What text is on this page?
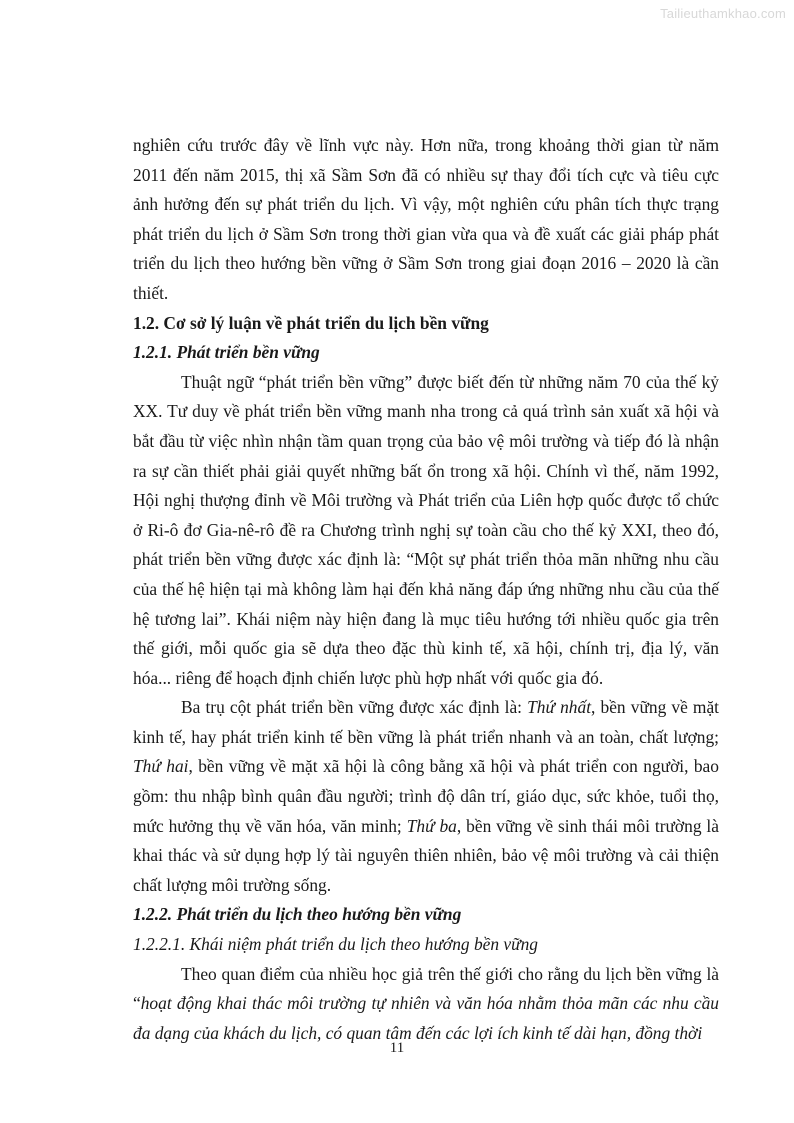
Tailieuthamkhao.com

nghiên cứu trước đây về lĩnh vực này. Hơn nữa, trong khoảng thời gian từ năm 2011 đến năm 2015, thị xã Sầm Sơn đã có nhiều sự thay đổi tích cực và tiêu cực ảnh hưởng đến sự phát triển du lịch. Vì vậy, một nghiên cứu phân tích thực trạng phát triển du lịch ở Sầm Sơn trong thời gian vừa qua và đề xuất các giải pháp phát triển du lịch theo hướng bền vững ở Sầm Sơn trong giai đoạn 2016 – 2020 là cần thiết.

1.2. Cơ sở lý luận về phát triển du lịch bền vững

1.2.1. Phát triển bền vững

Thuật ngữ “phát triển bền vững” được biết đến từ những năm 70 của thế kỷ XX. Tư duy về phát triển bền vững manh nha trong cả quá trình sản xuất xã hội và bắt đầu từ việc nhìn nhận tầm quan trọng của bảo vệ môi trường và tiếp đó là nhận ra sự cần thiết phải giải quyết những bất ổn trong xã hội. Chính vì thế, năm 1992, Hội nghị thượng đỉnh về Môi trường và Phát triển của Liên hợp quốc được tổ chức ở Ri-ô đơ Gia-nê-rô đề ra Chương trình nghị sự toàn cầu cho thế kỷ XXI, theo đó, phát triển bền vững được xác định là: “Một sự phát triển thỏa mãn những nhu cầu của thế hệ hiện tại mà không làm hại đến khả năng đáp ứng những nhu cầu của thế hệ tương lai”. Khái niệm này hiện đang là mục tiêu hướng tới nhiều quốc gia trên thế giới, mỗi quốc gia sẽ dựa theo đặc thù kinh tế, xã hội, chính trị, địa lý, văn hóa... riêng để hoạch định chiến lược phù hợp nhất với quốc gia đó.

Ba trụ cột phát triển bền vững được xác định là: Thứ nhất, bền vững về mặt kinh tế, hay phát triển kinh tế bền vững là phát triển nhanh và an toàn, chất lượng; Thứ hai, bền vững về mặt xã hội là công bằng xã hội và phát triển con người, bao gồm: thu nhập bình quân đầu người; trình độ dân trí, giáo dục, sức khỏe, tuổi thọ, mức hưởng thụ về văn hóa, văn minh; Thứ ba, bền vững về sinh thái môi trường là khai thác và sử dụng hợp lý tài nguyên thiên nhiên, bảo vệ môi trường và cải thiện chất lượng môi trường sống.

1.2.2. Phát triển du lịch theo hướng bền vững

1.2.2.1. Khái niệm phát triển du lịch theo hướng bền vững

Theo quan điểm của nhiều học giả trên thế giới cho rằng du lịch bền vững là “hoạt động khai thác môi trường tự nhiên và văn hóa nhằm thỏa mãn các nhu cầu đa dạng của khách du lịch, có quan tâm đến các lợi ích kinh tế dài hạn, đồng thời

11
